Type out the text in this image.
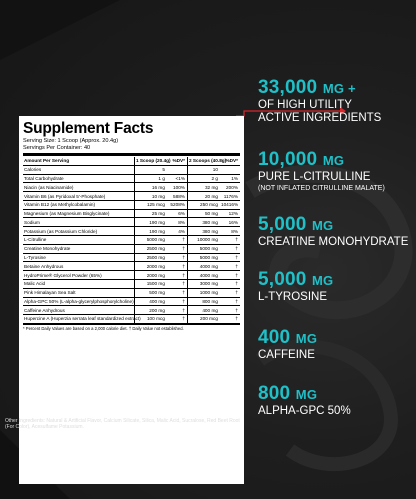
Supplement Facts
Serving Size: 1 Scoop (Approx. 20.4g)
Servings Per Container: 40
Amount Per Serving	1 Scoop (20.4g)	%DV*	2 Scoops (40.8g)	%DV*
Calories	5		10	
Total Carbohydrate	1 g	<1%	2 g	1%
Niacin (as Niacinamide)	16 mg	100%	32 mg	200%
Vitamin B6 (as Pyridoxal 5'-Phosphate)	10 mg	588%	20 mg	1176%
Vitamin B12 (as Methylcobalamin)	125 mcg	5208%	250 mcg	10416%
Magnesium (as Magnesium Bisglycinate)	25 mg	6%	50 mg	12%
Sodium	190 mg	8%	380 mg	16%
Potassium (as Potassium Chloride)	190 mg	4%	380 mg	8%
L-Citrulline	5000 mg	†	10000 mg	†
Creatine Monohydrate	2500 mg	†	5000 mg	†
L-Tyrosine	2500 mg	†	5000 mg	†
Betaine Anhydrous	2000 mg	†	4000 mg	†
HydroPrime® Glycerol Powder (65%)	2000 mg	†	4000 mg	†
Malic Acid	1500 mg	†	3000 mg	†
Pink Himalayan Sea Salt	500 mg	†	1000 mg	†
Alpha-GPC 50% (L-alpha-glycerylphosphorylcholine)	400 mg	†	800 mg	†
Caffeine Anhydrous	200 mg	†	400 mg	†
Hupercine A (Huperzia serrata leaf standardized extract)	100 mcg	†	200 mcg	†
* Percent Daily Values are based on a 2,000 calorie diet. † Daily Value not established.
Other Ingredients: Natural & Artificial Flavor, Calcium Silicate, Silica, Malic Acid, Sucralose, Red Beet Root (For Color), Acesulfame Potassium.
33,000 MG +
OF HIGH UTILITY
ACTIVE INGREDIENTS
10,000 MG
PURE L-CITRULLINE
(NOT INFLATED CITRULLINE MALATE)
5,000 MG
CREATINE MONOHYDRATE
5,000 MG
L-TYROSINE
400 MG
CAFFEINE
800 MG
ALPHA-GPC 50%
